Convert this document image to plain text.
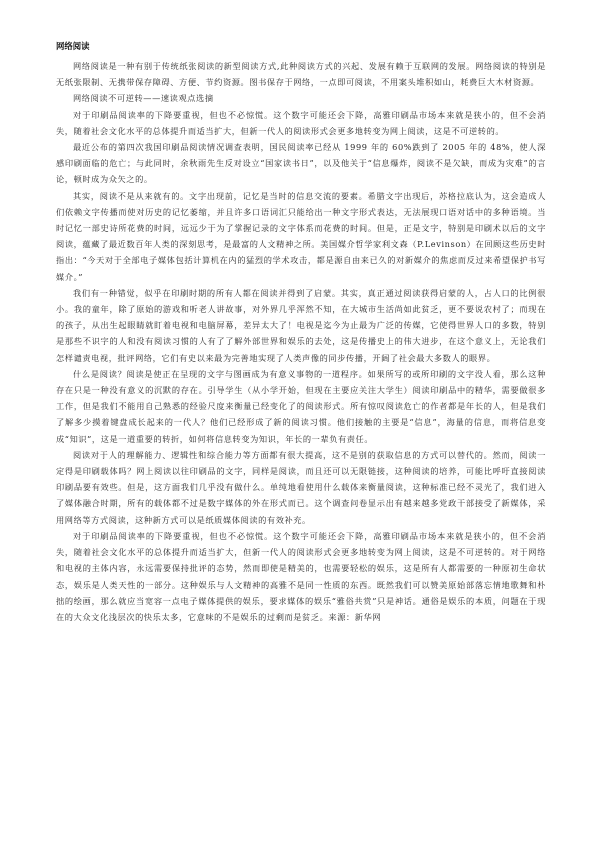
网络阅读

网络阅读是一种有别于传统纸张阅读的新型阅读方式,此种阅读方式的兴起、发展有赖于互联网的发展。网络阅读的特别是无纸张限制、无携带保存障碍、方便、节约资源。图书保存于网络，一点即可阅读，不用案头堆积如山，耗费巨大木材资源。

网络阅读不可逆转——速读观点选摘

对于印刷品阅读率的下降要重视，但也不必惊慌。这个数字可能还会下降，高雅印刷品市场本来就是狭小的，但不会消失，随着社会文化水平的总体提升而适当扩大，但新一代人的阅读形式会更多地转变为网上阅读，这是不可逆转的。

最近公布的第四次我国印刷品阅读情况调查表明，国民阅读率已经从 1999 年的 60%跌到了 2005 年的 48%，使人深感印刷面临的危亡；与此同时，余秋雨先生反对设立“国家读书日”，以及他关于“信息爆炸，阅读不是欠缺，而成为灾难”的言论，顿时成为众矢之的。

其实，阅读不是从来就有的。文字出现前，记忆是当时的信息交流的要素。希腊文字出现后，苏格拉底认为，这会造成人们依赖文字传播而使对历史的记忆萎缩，并且许多口语词汇只能给出一种文字形式表达，无法展现口语对话中的多种语境。当时记忆一部史诗所花费的时间，远远少于为了掌握记录的文字体系而花费的时间。但是，正是文字，特别是印刷术以后的文字阅读，蕴藏了最近数百年人类的深刻思考，是最富的人文精神之所。美国媒介哲学家利文森（P.Levinson）在回顾这些历史时指出：“今天对于全部电子媒体包括计算机在内的猛烈的学术攻击，都是源自由来已久的对新媒介的焦虑而反过来希望保护书写媒介。”

我们有一种错觉，似乎在印刷时期的所有人都在阅读并得到了启蒙。其实，真正通过阅读获得启蒙的人，占人口的比例很小。我的童年，除了原始的游戏和听老人讲故事，对外界几乎浑然不知，在大城市生活尚如此贫乏，更不要说农村了；而现在的孩子，从出生起眼睛就盯着电视和电脑屏幕，差异太大了！电视是迄今为止最为广泛的传媒，它使得世界人口的多数，特别是那些不识字的人和没有阅读习惯的人有了了解外部世界和娱乐的去处，这是传播史上的伟大进步，在这个意义上，无论我们怎样谴责电视，批评网络，它们有史以来最为完善地实现了人类声像的同步传播，开阔了社会最大多数人的眼界。

什么是阅读？阅读是使正在呈现的文字与图画成为有意义事物的一道程序。如果所写的或所印刷的文字没人看，那么这种存在只是一种没有意义的沉默的存在。引导学生（从小学开始，但现在主要应关注大学生）阅读印刷品中的精华，需要做很多工作，但是我们不能用自己熟悉的经验尺度来衡量已经变化了的阅读形式。所有惊叹阅读危亡的作者都是年长的人，但是我们了解多少摸着键盘成长起来的一代人？他们已经形成了新的阅读习惯。他们接触的主要是“信息”，海量的信息，而将信息变成“知识”，这是一道重要的转折，如何将信息转变为知识，年长的一辈负有责任。

阅读对于人的理解能力、逻辑性和综合能力等方面都有很大提高，这不是别的获取信息的方式可以替代的。然而，阅读一定得是印刷载体吗？网上阅读以往印刷品的文字，同样是阅读，而且还可以无限链接，这种阅读的培养，可能比呼吁直接阅读印刷品要有效些。但是，这方面我们几乎没有做什么。单纯地看使用什么载体来衡量阅读，这种标准已经不灵光了，我们进入了媒体融合时期，所有的载体都不过是数字媒体的外在形式而已。这个调查问卷显示出有越来越多党政干部接受了新媒体，采用网络等方式阅读，这种新方式可以是纸质媒体阅读的有效补充。

对于印刷品阅读率的下降要重视，但也不必惊慌。这个数字可能还会下降，高雅印刷品市场本来就是狭小的，但不会消失，随着社会文化水平的总体提升而适当扩大，但新一代人的阅读形式会更多地转变为网上阅读，这是不可逆转的。对于网络和电视的主体内容，永远需要保持批评的态势，然而即使是精美的，也需要轻松的娱乐，这是所有人都需要的一种原初生命状态，娱乐是人类天性的一部分。这种娱乐与人文精神的高雅不是同一性质的东西。既然我们可以赞美原始部落忘情地歌舞和朴拙的绘画，那么就应当宽容一点电子媒体提供的娱乐，要求媒体的娱乐“雅俗共赏”只是神话。通俗是娱乐的本质，问题在于现在的大众文化浅层次的快乐太多，它意味的不是娱乐的过剩而是贫乏。来源：新华网
